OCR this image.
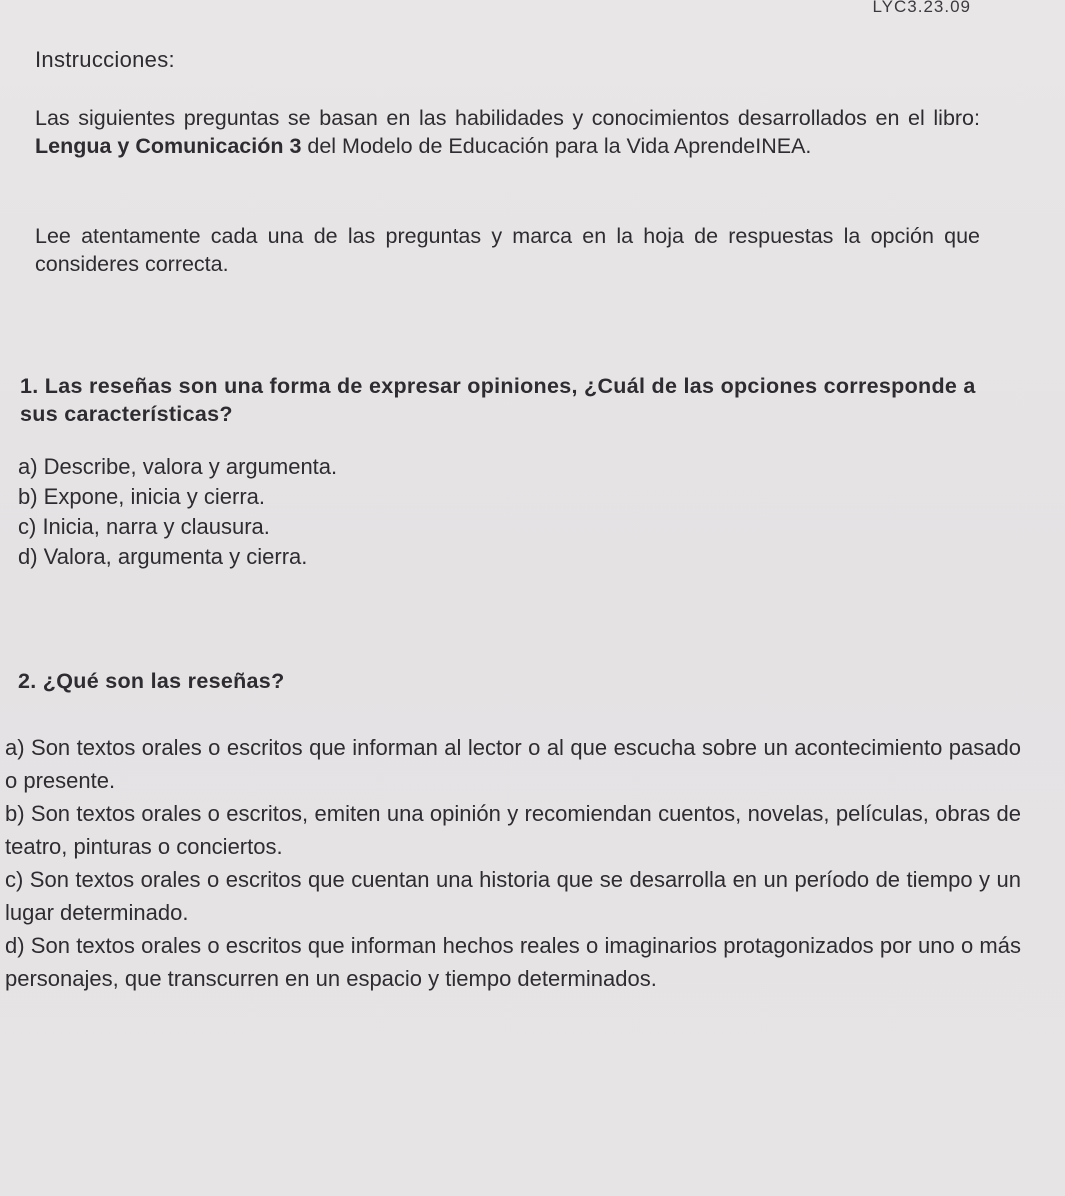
LYC3.23.09
Instrucciones:
Las siguientes preguntas se basan en las habilidades y conocimientos desarrollados en el libro: Lengua y Comunicación 3 del Modelo de Educación para la Vida AprendeINEA.
Lee atentamente cada una de las preguntas y marca en la hoja de respuestas la opción que consideres correcta.
1. Las reseñas son una forma de expresar opiniones, ¿Cuál de las opciones corresponde a sus características?
a) Describe, valora y argumenta.
b) Expone, inicia y cierra.
c) Inicia, narra y clausura.
d) Valora, argumenta y cierra.
2. ¿Qué son las reseñas?
a) Son textos orales o escritos que informan al lector o al que escucha sobre un acontecimiento pasado o presente.
b) Son textos orales o escritos, emiten una opinión y recomiendan cuentos, novelas, películas, obras de teatro, pinturas o conciertos.
c) Son textos orales o escritos que cuentan una historia que se desarrolla en un período de tiempo y un lugar determinado.
d) Son textos orales o escritos que informan hechos reales o imaginarios protagonizados por uno o más personajes, que transcurren en un espacio y tiempo determinados.
